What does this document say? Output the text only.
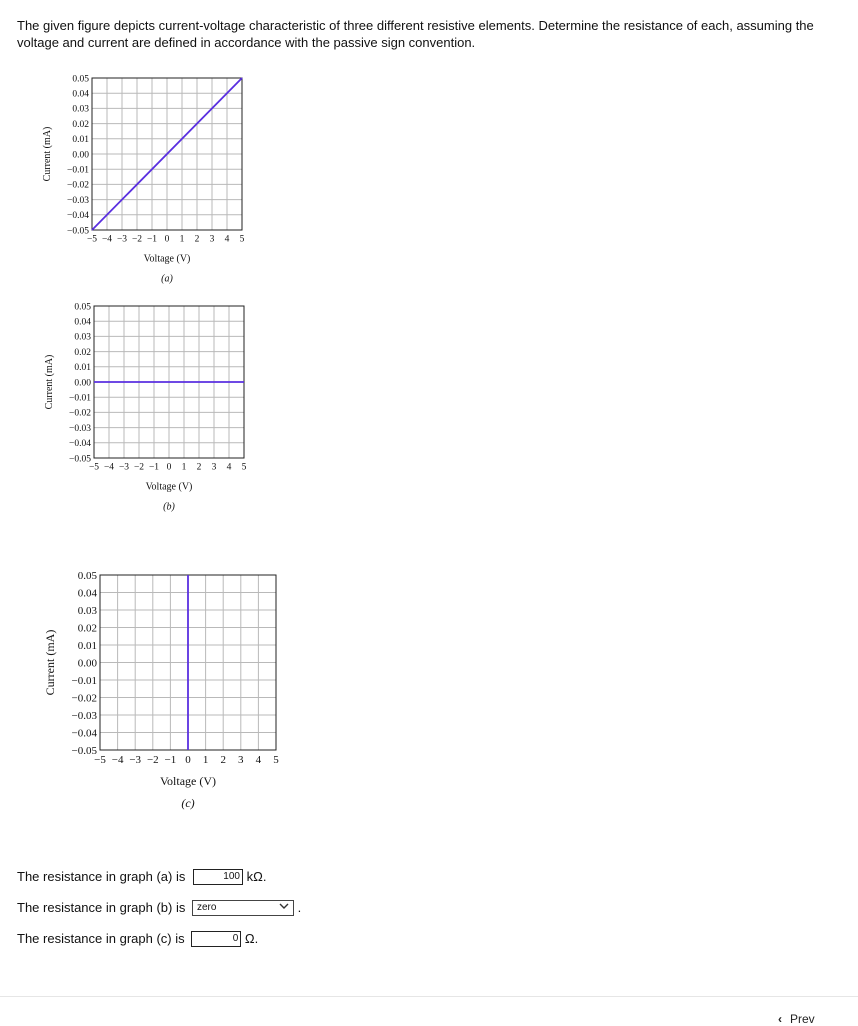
The given figure depicts current-voltage characteristic of three different resistive elements. Determine the resistance of each, assuming the voltage and current are defined in accordance with the passive sign convention.
0.05
0.04
0.03
0.02
0.01
0.00
−0.01
−0.02
−0.03
−0.04
−0.05
−5 −4 −3 −2 −1 0 1 2 3 4 5
Voltage (V)
(a)
Current (mA)
0.05
0.04
0.03
0.02
0.01
0.00
−0.01
−0.02
−0.03
−0.04
−0.05
−5 −4 −3 −2 −1 0 1 2 3 4 5
Voltage (V)
(b)
Current (mA)
0.05
0.04
0.03
0.02
0.01
0.00
−0.01
−0.02
−0.03
−0.04
−0.05
−5 −4 −3 −2 −1 0 1 2 3 4 5
Voltage (V)
(c)
Current (mA)
The resistance in graph (a) is	100 kΩ.
The resistance in graph (b) is zero	.
The resistance in graph (c) is	0 Ω.
‹ Prev
